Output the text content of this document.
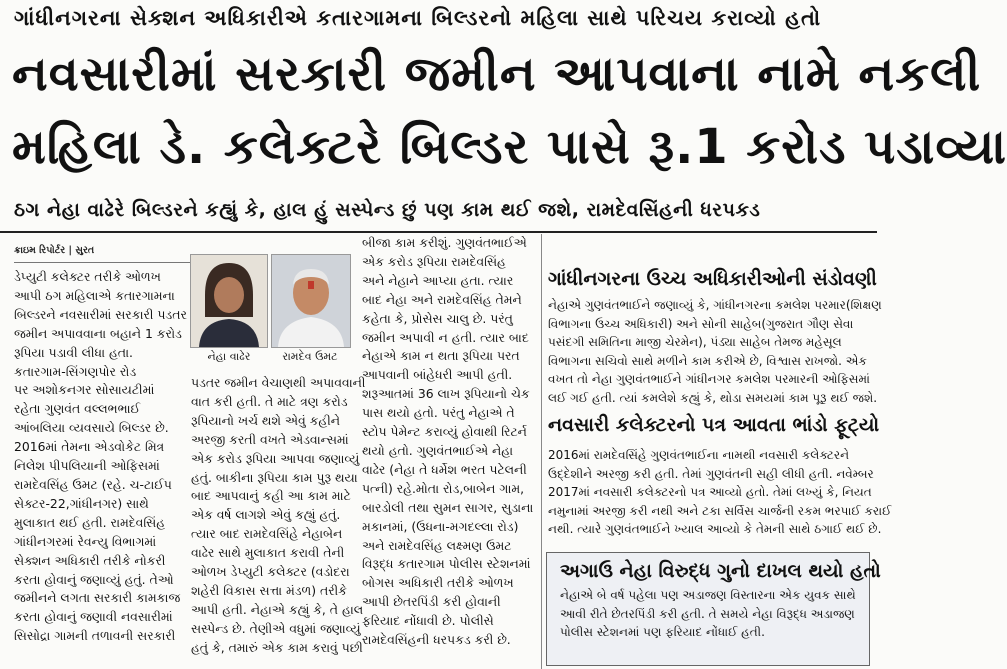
ગાંધીનગરના સેક્શન અધિકારીએ કતારગામના બિલ્ડરનો મહિલા સાથે પરિચય કરાવ્યો હતો
નવસારીમાં સરકારી જમીન આપવાના નામે નકલી
મહિલા ડે. કલેક્ટરે બિલ્ડર પાસે રૂ.1 કરોડ પડાવ્યા
ઠગ નેહા વાઢેરે બિલ્ડરને કહ્યું કે, હાલ હું સસ્પેન્ડ છું પણ કામ થઈ જશે, રામદેવસિંહની ધરપકડ
ક્રાઇમ રિપોર્ટર | સુરત

ડેપ્યુટી કલેક્ટર તરીકે ઓળખ

આપી ઠગ મહિલાએ કતારગામના

બિલ્ડરને નવસારીમાં સરકારી પડતર

જમીન અપાવવાના બહાને 1 કરોડ

રૂપિયા પડાવી લીધા હતા.

કતારગામ-સિંગણપોર રોડ

પર અશોકનગર સોસાયટીમાં

રહેતા ગુણવંત વલ્લભભાઈ

આંબલિયા વ્યવસાયે બિલ્ડર છે.

2016માં તેમના એડવોકેટ મિત્ર

નિલેશ પીપલિયાની ઓફિસમાં

રામદેવસિંહ ઉમટ (રહે. ચ-ટાઈપ

સેક્ટર-22,ગાંધીનગર) સાથે

મુલાકાત થઈ હતી. રામદેવસિંહ

ગાંધીનગરમાં રેવન્યુ વિભાગમાં

સેક્શન અધિકારી તરીકે નોકરી

કરતા હોવાનું જણાવ્યું હતું. તેઓ

જમીનને લગતા સરકારી કામકાજ

કરતા હોવાનું જણાવી નવસારીમાં

સિસોદ્રા ગામની તળાવની સરકારી

નેહા વાઢેર	રામદેવ ઉમટ

પડતર જમીન વેચાણથી અપાવવાની

વાત કરી હતી. તે માટે ત્રણ કરોડ

રૂપિયાનો ખર્ચ થશે એવું કહીને

અરજી કરતી વખતે એડવાન્સમાં

એક કરોડ રૂપિયા આપવા જણાવ્યું

હતું. બાકીના રૂપિયા કામ પુરૂ થયા

બાદ આપવાનું કહી આ કામ માટે

એક વર્ષ લાગશે એવું કહ્યું હતું.

ત્યાર બાદ રામદેવસિંહે નેહાબેન

વાઢેર સાથે મુલાકાત કરાવી તેની

ઓળખ ડેપ્યુટી કલેક્ટર (વડોદરા

શહેરી વિકાસ સત્તા મંડળ) તરીકે

આપી હતી. નેહાએ કહ્યું કે, તે હાલ

સસ્પેન્ડ છે. તેણીએ વધુમાં જણાવ્યું

હતું કે, તમારું એક કામ કરાવું પછી

બીજા કામ કરીશું. ગુણવંતભાઈએ

એક કરોડ રૂપિયા રામદેવસિંહ

અને નેહાને આપ્યા હતા. ત્યાર

બાદ નેહા અને રામદેવસિંહ તેમને

કહેતા કે, પ્રોસેસ ચાલુ છે. પરંતુ

જમીન અપાવી ન હતી. ત્યાર બાદ

નેહાએ કામ ન થતા રૂપિયા પરત

આપવાની બાંહેધરી આપી હતી.

શરૂઆતમાં 36 લાખ રૂપિયાનો ચેક

પાસ થયો હતો. પરંતુ નેહાએ તે

સ્ટોપ પેમેન્ટ કરાવ્યું હોવાથી રિટર્ન

થયો હતો. ગુણવંતભાઈએ નેહા

વાઢેર (નેહા તે ધર્મેશ ભરત પટેલની

પત્ની) રહે.મોતા રોડ,બાબેન ગામ,

બારડોલી તથા સુમન સાગર, સુડાના

મકાનમાં, (ઉધના-મગદલ્લા રોડ)

અને રામદેવસિંહ લક્ષ્મણ ઉમટ

વિરૂદ્ધ કતારગામ પોલીસ સ્ટેશનમાં

બોગસ અધિકારી તરીકે ઓળખ

આપી છેતરપિંડી કરી હોવાની

ફરિયાદ નોંધાવી છે. પોલીસે

રામદેવસિંહની ધરપકડ કરી છે.

ગાંધીનગરના ઉચ્ચ અધિકારીઓની સંડોવણી

નેહાએ ગુણવંતભાઈને જણાવ્યું કે, ગાંધીનગરના કમલેશ પરમાર(શિક્ષણ

વિભાગના ઉચ્ચ અધિકારી) અને સોની સાહેબ(ગુજરાત ગૌણ સેવા

પસંદગી સમિતિના માજી ચેરમેન), પંડ્યા સાહેબ તેમજ મહેસૂલ

વિભાગના સચિવો સાથે મળીને કામ કરીએ છે, વિશ્વાસ રાખજો. એક

વખત તો નેહા ગુણવંતભાઈને ગાંધીનગર કમલેશ પરમારની ઓફિસમાં

લઈ ગઈ હતી. ત્યાં કમલેશે કહ્યું કે, થોડા સમયમાં કામ પૂરૂ થઈ જશે.

નવસારી કલેક્ટરનો પત્ર આવતા ભાંડો ફૂટ્યો

2016માં રામદેવસિંહે ગુણવંતભાઈના નામથી નવસારી કલેક્ટરને

ઉદ્દેશીને અરજી કરી હતી. તેમાં ગુણવંતની સહી લીધી હતી. નવેમ્બર

2017માં નવસારી કલેક્ટરનો પત્ર આવ્યો હતો. તેમાં લખ્યું કે, નિયત

નમુનામાં અરજી કરી નથી અને ટકા સર્વિસ ચાર્જની રકમ ભરપાઈ કરાઈ

નથી. ત્યારે ગુણવંતભાઈને ખ્યાલ આવ્યો કે તેમની સાથે ઠગાઈ થઈ છે.

અગાઉ નેહા વિરુદ્ધ ગુનો દાખલ થયો હતો

નેહાએ બે વર્ષ પહેલા પણ અડાજણ વિસ્તારના એક યુવક સાથે

આવી રીતે છેતરપિંડી કરી હતી. તે સમયે નેહા વિરૂદ્ધ અડાજણ

પોલીસ સ્ટેશનમાં પણ ફરિયાદ નોંધાઈ હતી.
